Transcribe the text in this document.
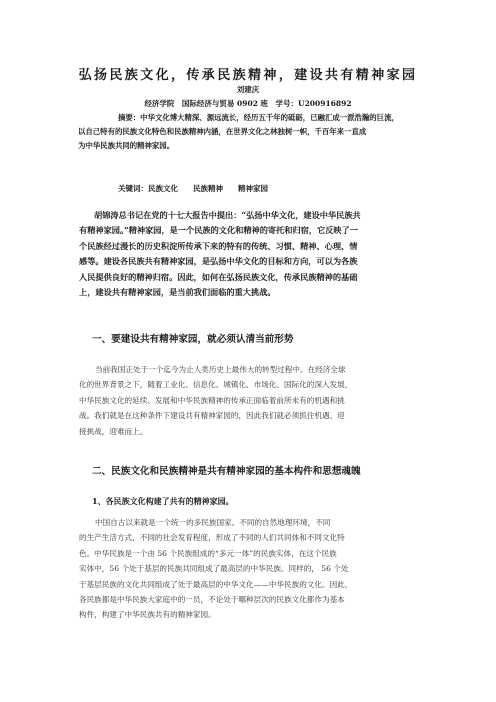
弘扬民族文化，传承民族精神，建设共有精神家园
刘建庆
经济学院　国际经济与贸易 0902 班　学号：U200916892
摘要：中华文化博大精深、源远流长，经历五千年的砥砺，已融汇成一派浩瀚的巨流，
以自己特有的民族文化特色和民族精神内涵，在世界文化之林独树一帜，千百年来一直成
为中华民族共同的精神家园。
关键词：民族文化　　民族精神　　精神家园
胡锦涛总书记在党的十七大报告中提出：“弘扬中华文化，建设中华民族共
有精神家园。”精神家园，是一个民族的文化和精神的寄托和归宿，它反映了一
个民族经过漫长的历史积淀所传承下来的特有的传统、习惯、精神、心理、情
感等。建设各民族共有精神家园，是弘扬中华文化的目标和方向，可以为各族
人民提供良好的精神归宿。因此，如何在弘扬民族文化，传承民族精神的基础
上，建设共有精神家园，是当前我们面临的重大挑战。
一、要建设共有精神家园，就必须认清当前形势
当前我国正处于一个迄今为止人类历史上最伟大的转型过程中。在经济全球
化的世界背景之下，随着工业化、信息化、城镇化、市场化、国际化的深入发展，
中华民族文化的延续、发展和中华民族精神的传承正面临着前所未有的机遇和挑
战。我们就是在这种条件下建设共有精神家园的，因此我们就必须抓住机遇、迎
接挑战，迎难而上。
二、民族文化和民族精神是共有精神家园的基本构件和思想魂魄
1、各民族文化构建了共有的精神家园。
中国自古以来就是一个统一的多民族国家。不同的自然地理环境，不同
的生产生活方式，不同的社会发育程度，形成了不同的人们共同体和不同文化特
色。中华民族是一个由 56 个民族组成的“多元一体”的民族实体，在这个民族
实体中，56 个处于基层的民族共同组成了最高层的中华民族。同样的， 56 个处
于基层民族的文化共同组成了处于最高层的中华文化——中华民族的文化。因此，
各民族都是中华民族大家庭中的一员，不论处于哪种层次的民族文化都作为基本
构件，构建了中华民族共有的精神家园。
